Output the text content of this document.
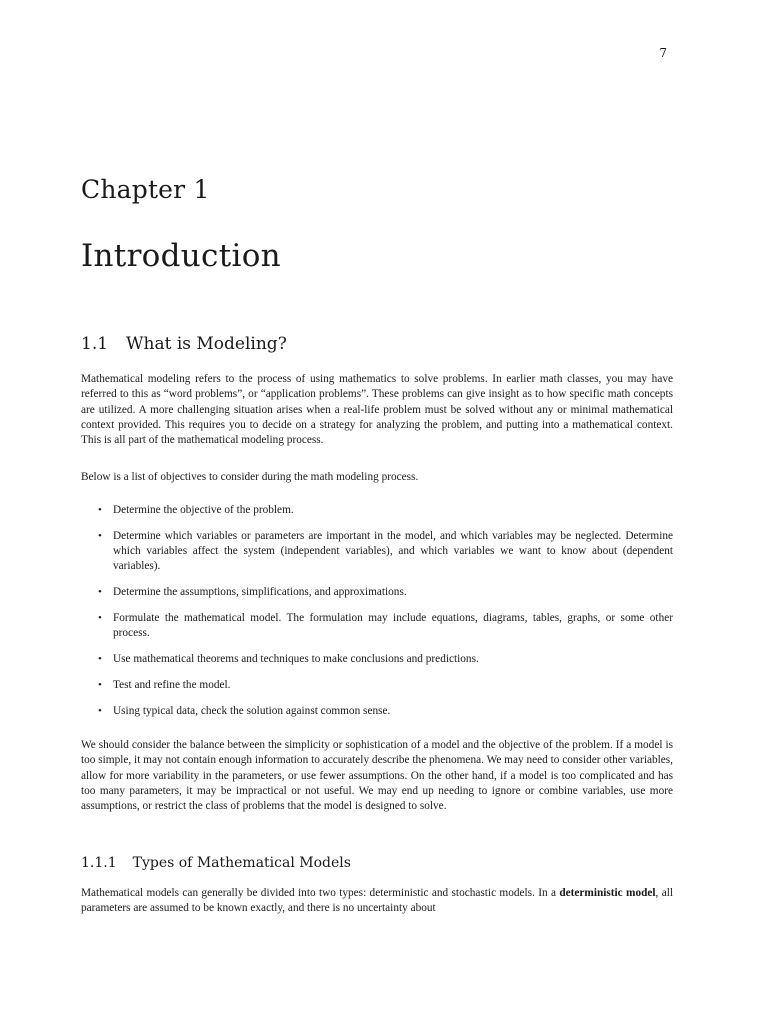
7
Chapter 1
Introduction
1.1 What is Modeling?

Mathematical modeling refers to the process of using mathematics to solve problems. In earlier math classes, you may have referred to this as “word problems”, or “application problems”. These problems can give insight as to how specific math concepts are utilized. A more challenging situation arises when a real-life problem must be solved without any or minimal mathematical context provided. This requires you to decide on a strategy for analyzing the problem, and putting into a mathematical context. This is all part of the mathematical modeling process.

Below is a list of objectives to consider during the math modeling process.

• Determine the objective of the problem.
• Determine which variables or parameters are important in the model, and which variables may be neglected. Determine which variables affect the system (independent variables), and which variables we want to know about (dependent variables).
• Determine the assumptions, simplifications, and approximations.
• Formulate the mathematical model. The formulation may include equations, diagrams, tables, graphs, or some other process.
• Use mathematical theorems and techniques to make conclusions and predictions.
• Test and refine the model.
• Using typical data, check the solution against common sense.

We should consider the balance between the simplicity or sophistication of a model and the objective of the problem. If a model is too simple, it may not contain enough information to accurately describe the phenomena. We may need to consider other variables, allow for more variability in the parameters, or use fewer assumptions. On the other hand, if a model is too complicated and has too many parameters, it may be impractical or not useful. We may end up needing to ignore or combine variables, use more assumptions, or restrict the class of problems that the model is designed to solve.

1.1.1 Types of Mathematical Models

Mathematical models can generally be divided into two types: deterministic and stochastic models. In a deterministic model, all parameters are assumed to be known exactly, and there is no uncertainty about
